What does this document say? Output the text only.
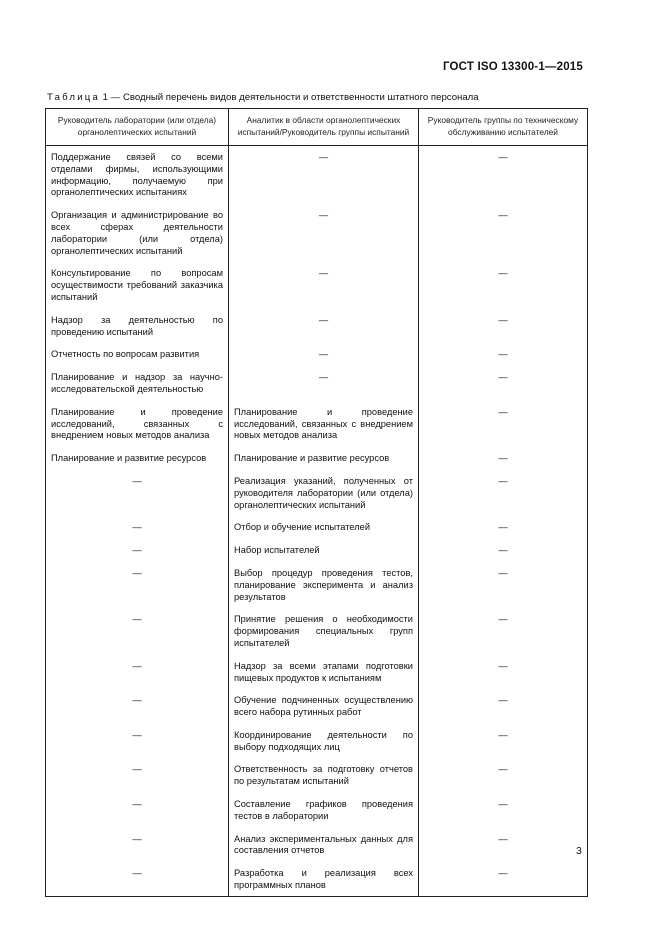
ГОСТ ISO 13300-1—2015
Таблица 1 — Сводный перечень видов деятельности и ответственности штатного персонала
Руководитель лаборатории (или отдела) органолептических испытаний	Аналитик в области органолептических испытаний/Руководитель группы испытаний	Руководитель группы по техническому обслуживанию испытателей
Поддержание связей со всеми отделами фирмы, использующими информацию, получаемую при органолептических испытаниях	—	—
Организация и администрирование во всех сферах деятельности лаборатории (или отдела) органолептических испытаний	—	—
Консультирование по вопросам осуществимости требований заказчика испытаний	—	—
Надзор за деятельностью по проведению испытаний	—	—
Отчетность по вопросам развития	—	—
Планирование и надзор за научно-исследовательской деятельностью	—	—
Планирование и проведение исследований, связанных с внедрением новых методов анализа	Планирование и проведение исследований, связанных с внедрением новых методов анализа	—
Планирование и развитие ресурсов	Планирование и развитие ресурсов	—
—	Реализация указаний, полученных от руководителя лаборатории (или отдела) органолептических испытаний	—
—	Отбор и обучение испытателей	—
—	Набор испытателей	—
—	Выбор процедур проведения тестов, планирование эксперимента и анализ результатов	—
—	Принятие решения о необходимости формирования специальных групп испытателей	—
—	Надзор за всеми этапами подготовки пищевых продуктов к испытаниям	—
—	Обучение подчиненных осуществлению всего набора рутинных работ	—
—	Координирование деятельности по выбору подходящих лиц	—
—	Ответственность за подготовку отчетов по результатам испытаний	—
—	Составление графиков проведения тестов в лаборатории	—
—	Анализ экспериментальных данных для составления отчетов	—
—	Разработка и реализация всех программных планов	—
3
